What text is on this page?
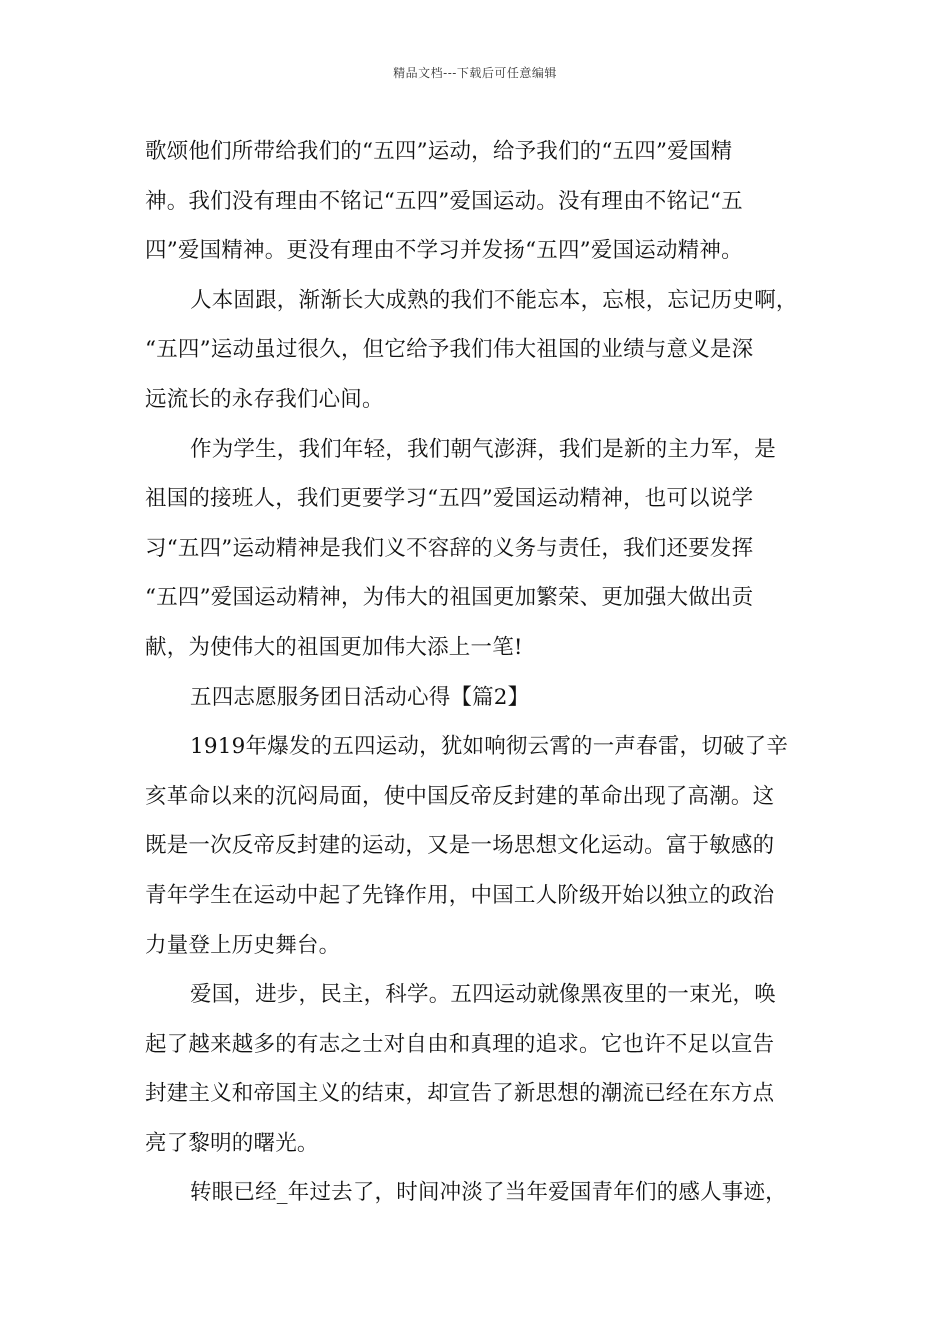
精品文档---下载后可任意编辑
歌颂他们所带给我们的“五四”运动，给予我们的“五四”爱国精
神。我们没有理由不铭记“五四”爱国运动。没有理由不铭记“五
四”爱国精神。更没有理由不学习并发扬“五四”爱国运动精神。
人本固跟，渐渐长大成熟的我们不能忘本，忘根，忘记历史啊，
“五四”运动虽过很久，但它给予我们伟大祖国的业绩与意义是深
远流长的永存我们心间。
作为学生，我们年轻，我们朝气澎湃，我们是新的主力军，是
祖国的接班人，我们更要学习“五四”爱国运动精神，也可以说学
习“五四”运动精神是我们义不容辞的义务与责任，我们还要发挥
“五四”爱国运动精神，为伟大的祖国更加繁荣、更加强大做出贡
献，为使伟大的祖国更加伟大添上一笔!
五四志愿服务团日活动心得【篇2】
1919年爆发的五四运动，犹如响彻云霄的一声春雷，切破了辛
亥革命以来的沉闷局面，使中国反帝反封建的革命出现了高潮。这
既是一次反帝反封建的运动，又是一场思想文化运动。富于敏感的
青年学生在运动中起了先锋作用，中国工人阶级开始以独立的政治
力量登上历史舞台。
爱国，进步，民主，科学。五四运动就像黑夜里的一束光，唤
起了越来越多的有志之士对自由和真理的追求。它也许不足以宣告
封建主义和帝国主义的结束，却宣告了新思想的潮流已经在东方点
亮了黎明的曙光。
转眼已经_年过去了，时间冲淡了当年爱国青年们的感人事迹，
